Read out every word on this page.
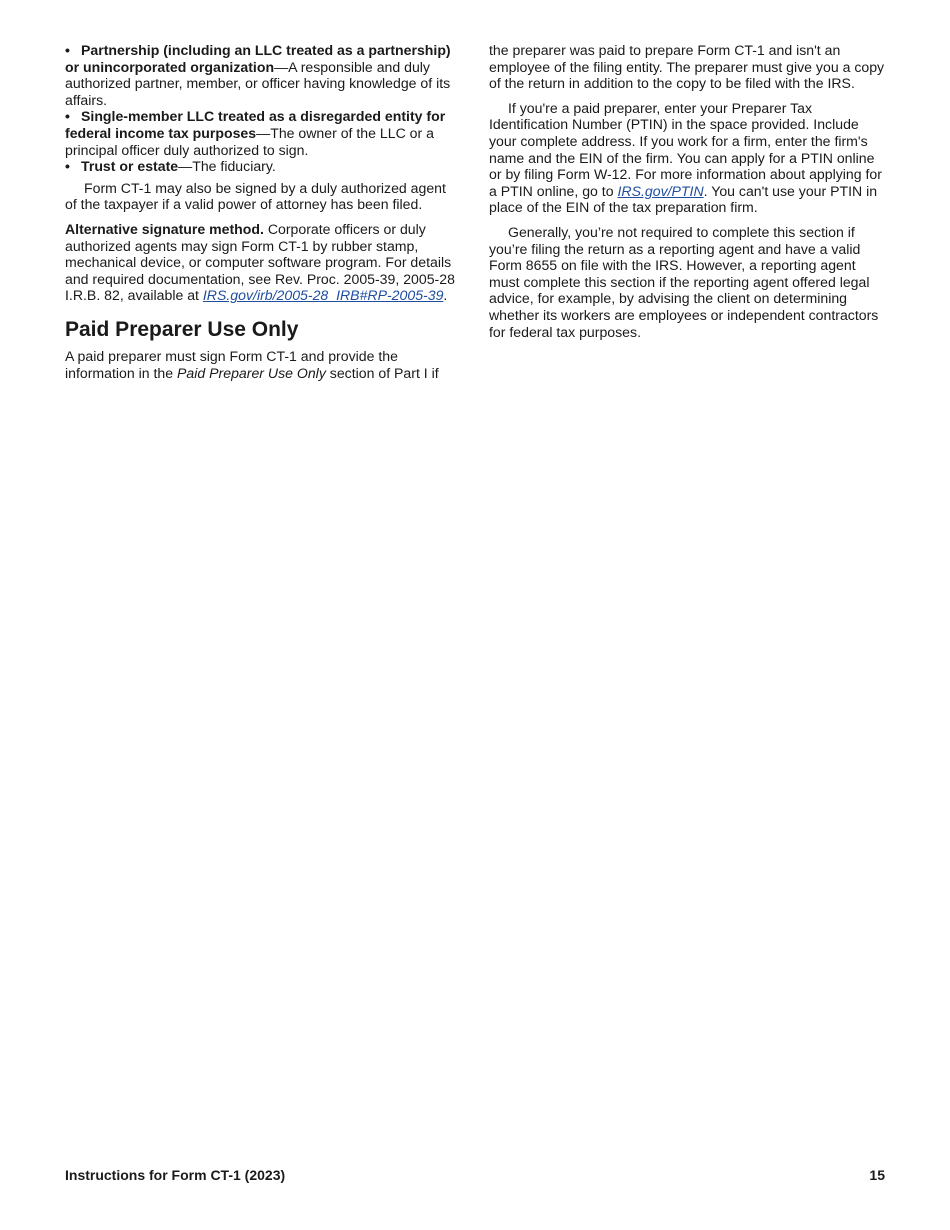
• Partnership (including an LLC treated as a partnership) or unincorporated organization—A responsible and duly authorized partner, member, or officer having knowledge of its affairs.

• Single-member LLC treated as a disregarded entity for federal income tax purposes—The owner of the LLC or a principal officer duly authorized to sign.

• Trust or estate—The fiduciary.

Form CT-1 may also be signed by a duly authorized agent of the taxpayer if a valid power of attorney has been filed.

Alternative signature method. Corporate officers or duly authorized agents may sign Form CT-1 by rubber stamp, mechanical device, or computer software program. For details and required documentation, see Rev. Proc. 2005-39, 2005-28 I.R.B. 82, available at IRS.gov/irb/2005-28_IRB#RP-2005-39.

Paid Preparer Use Only

A paid preparer must sign Form CT-1 and provide the information in the Paid Preparer Use Only section of Part I if

the preparer was paid to prepare Form CT-1 and isn't an employee of the filing entity. The preparer must give you a copy of the return in addition to the copy to be filed with the IRS.

If you're a paid preparer, enter your Preparer Tax Identification Number (PTIN) in the space provided. Include your complete address. If you work for a firm, enter the firm's name and the EIN of the firm. You can apply for a PTIN online or by filing Form W-12. For more information about applying for a PTIN online, go to IRS.gov/PTIN. You can't use your PTIN in place of the EIN of the tax preparation firm.

Generally, you’re not required to complete this section if you’re filing the return as a reporting agent and have a valid Form 8655 on file with the IRS. However, a reporting agent must complete this section if the reporting agent offered legal advice, for example, by advising the client on determining whether its workers are employees or independent contractors for federal tax purposes.

Instructions for Form CT-1 (2023)	15
